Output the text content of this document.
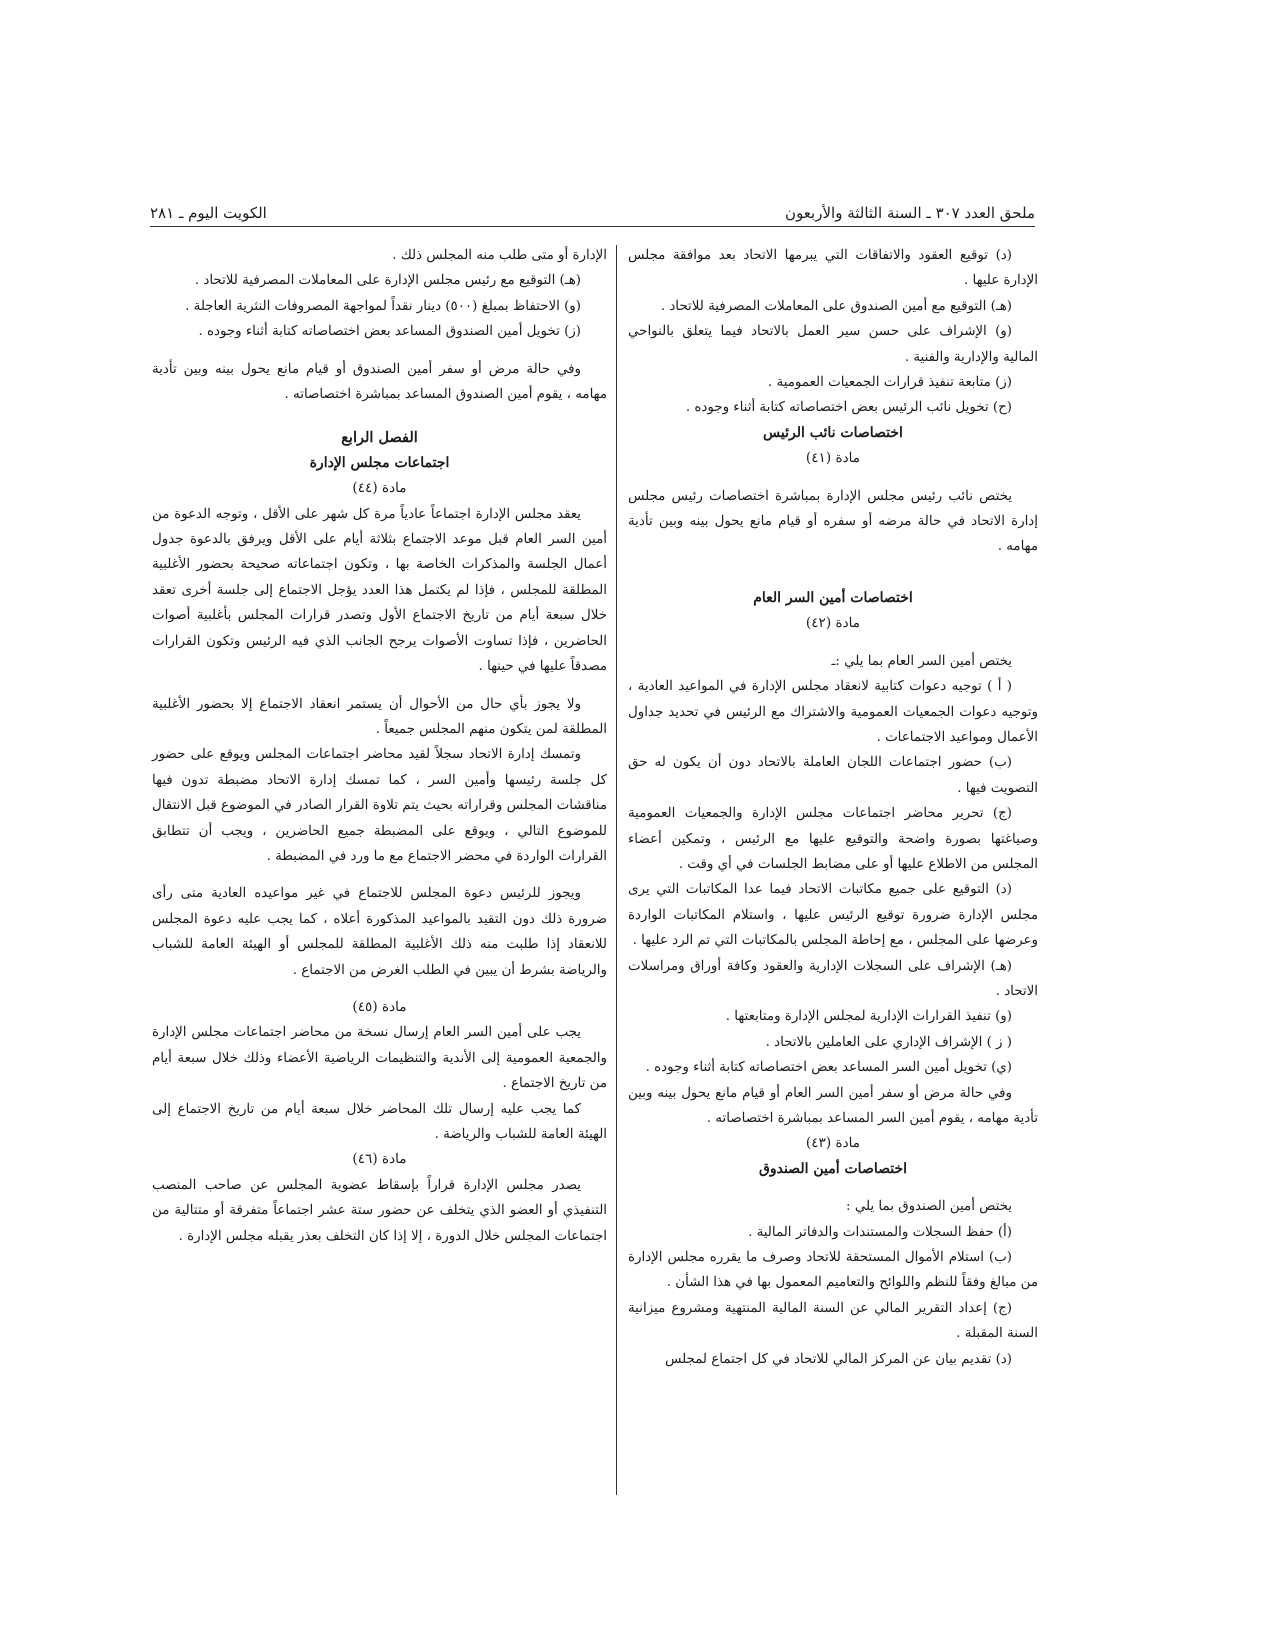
ملحق العدد ٣٠٧ ـ السنة الثالثة والأربعون
الكويت اليوم ـ ٢٨١

(د) توقيع العقود والاتفاقات التي يبرمها الاتحاد بعد موافقة مجلس الإدارة عليها .

(هـ) التوقيع مع أمين الصندوق على المعاملات المصرفية للاتحاد .

(و) الإشراف على حسن سير العمل بالاتحاد فيما يتعلق بالنواحي المالية والإدارية والفنية .

(ز) متابعة تنفيذ قرارات الجمعيات العمومية .

(ح) تخويل نائب الرئيس بعض اختصاصاته كتابة أثناء وجوده .

اختصاصات نائب الرئيس

مادة (٤١)

يختص نائب رئيس مجلس الإدارة بمباشرة اختصاصات رئيس مجلس إدارة الاتحاد في حالة مرضه أو سفره أو قيام مانع يحول بينه وبين تأدية مهامه .

اختصاصات أمين السر العام

مادة (٤٢)

يختص أمين السر العام بما يلي :ـ

( أ ) توجيه دعوات كتابية لانعقاد مجلس الإدارة في المواعيد العادية ، وتوجيه دعوات الجمعيات العمومية والاشتراك مع الرئيس في تحديد جداول الأعمال ومواعيد الاجتماعات .

(ب) حضور اجتماعات اللجان العاملة بالاتحاد دون أن يكون له حق التصويت فيها .

(ج) تحرير محاضر اجتماعات مجلس الإدارة والجمعيات العمومية وصياغتها بصورة واضحة والتوقيع عليها مع الرئيس ، وتمكين أعضاء المجلس من الاطلاع عليها أو على مضابط الجلسات في أي وقت .

(د) التوقيع على جميع مكاتبات الاتحاد فيما عدا المكاتبات التي يرى مجلس الإدارة ضرورة توقيع الرئيس عليها ، واستلام المكاتبات الواردة وعرضها على المجلس ، مع إحاطة المجلس بالمكاتبات التي تم الرد عليها .

(هـ) الإشراف على السجلات الإدارية والعقود وكافة أوراق ومراسلات الاتحاد .

(و) تنفيذ القرارات الإدارية لمجلس الإدارة ومتابعتها .

( ز ) الإشراف الإداري على العاملين بالاتحاد .

(ي) تخويل أمين السر المساعد بعض اختصاصاته كتابة أثناء وجوده .

وفي حالة مرض أو سفر أمين السر العام أو قيام مانع يحول بينه وبين تأدية مهامه ، يقوم أمين السر المساعد بمباشرة اختصاصاته .

مادة (٤٣)

اختصاصات أمين الصندوق

يختص أمين الصندوق بما يلي :

(أ) حفظ السجلات والمستندات والدفاتر المالية .

(ب) استلام الأموال المستحقة للاتحاد وصرف ما يقرره مجلس الإدارة من مبالغ وفقاً للنظم واللوائح والتعاميم المعمول بها في هذا الشأن .

(ج) إعداد التقرير المالي عن السنة المالية المنتهية ومشروع ميزانية السنة المقبلة .

(د) تقديم بيان عن المركز المالي للاتحاد في كل اجتماع لمجلس

الإدارة أو متى طلب منه المجلس ذلك .

(هـ) التوقيع مع رئيس مجلس الإدارة على المعاملات المصرفية للاتحاد .

(و) الاحتفاظ بمبلغ (٥٠٠) دينار نقداً لمواجهة المصروفات النثرية العاجلة .

(ز) تخويل أمين الصندوق المساعد بعض اختصاصاته كتابة أثناء وجوده .

وفي حالة مرض أو سفر أمين الصندوق أو قيام مانع يحول بينه وبين تأدية مهامه ، يقوم أمين الصندوق المساعد بمباشرة اختصاصاته .

الفصل الرابع

اجتماعات مجلس الإدارة

مادة (٤٤)

يعقد مجلس الإدارة اجتماعاً عادياً مرة كل شهر على الأقل ، وتوجه الدعوة من أمين السر العام قبل موعد الاجتماع بثلاثة أيام على الأقل ويرفق بالدعوة جدول أعمال الجلسة والمذكرات الخاصة بها ، وتكون اجتماعاته صحيحة بحضور الأغلبية المطلقة للمجلس ، فإذا لم يكتمل هذا العدد يؤجل الاجتماع إلى جلسة أخرى تعقد خلال سبعة أيام من تاريخ الاجتماع الأول وتصدر قرارات المجلس بأغلبية أصوات الحاضرين ، فإذا تساوت الأصوات يرجح الجانب الذي فيه الرئيس وتكون القرارات مصدقاً عليها في حينها .

ولا يجوز بأي حال من الأحوال أن يستمر انعقاد الاجتماع إلا بحضور الأغلبية المطلقة لمن يتكون منهم المجلس جميعاً .

وتمسك إدارة الاتحاد سجلاً لقيد محاضر اجتماعات المجلس ويوقع على حضور كل جلسة رئيسها وأمين السر ، كما تمسك إدارة الاتحاد مضبطة تدون فيها مناقشات المجلس وقراراته بحيث يتم تلاوة القرار الصادر في الموضوع قبل الانتقال للموضوع التالي ، ويوقع على المضبطة جميع الحاضرين ، ويجب أن تتطابق القرارات الواردة في محضر الاجتماع مع ما ورد في المضبطة .

ويجوز للرئيس دعوة المجلس للاجتماع في غير مواعيده العادية متى رأى ضرورة ذلك دون التقيد بالمواعيد المذكورة أعلاه ، كما يجب عليه دعوة المجلس للانعقاد إذا طلبت منه ذلك الأغلبية المطلقة للمجلس أو الهيئة العامة للشباب والرياضة بشرط أن يبين في الطلب الغرض من الاجتماع .

مادة (٤٥)

يجب على أمين السر العام إرسال نسخة من محاضر اجتماعات مجلس الإدارة والجمعية العمومية إلى الأندية والتنظيمات الرياضية الأعضاء وذلك خلال سبعة أيام من تاريخ الاجتماع .

كما يجب عليه إرسال تلك المحاضر خلال سبعة أيام من تاريخ الاجتماع إلى الهيئة العامة للشباب والرياضة .

مادة (٤٦)

يصدر مجلس الإدارة قراراً بإسقاط عضوية المجلس عن صاحب المنصب التنفيذي أو العضو الذي يتخلف عن حضور ستة عشر اجتماعاً متفرقة أو متتالية من اجتماعات المجلس خلال الدورة ، إلا إذا كان التخلف بعذر يقبله مجلس الإدارة .
